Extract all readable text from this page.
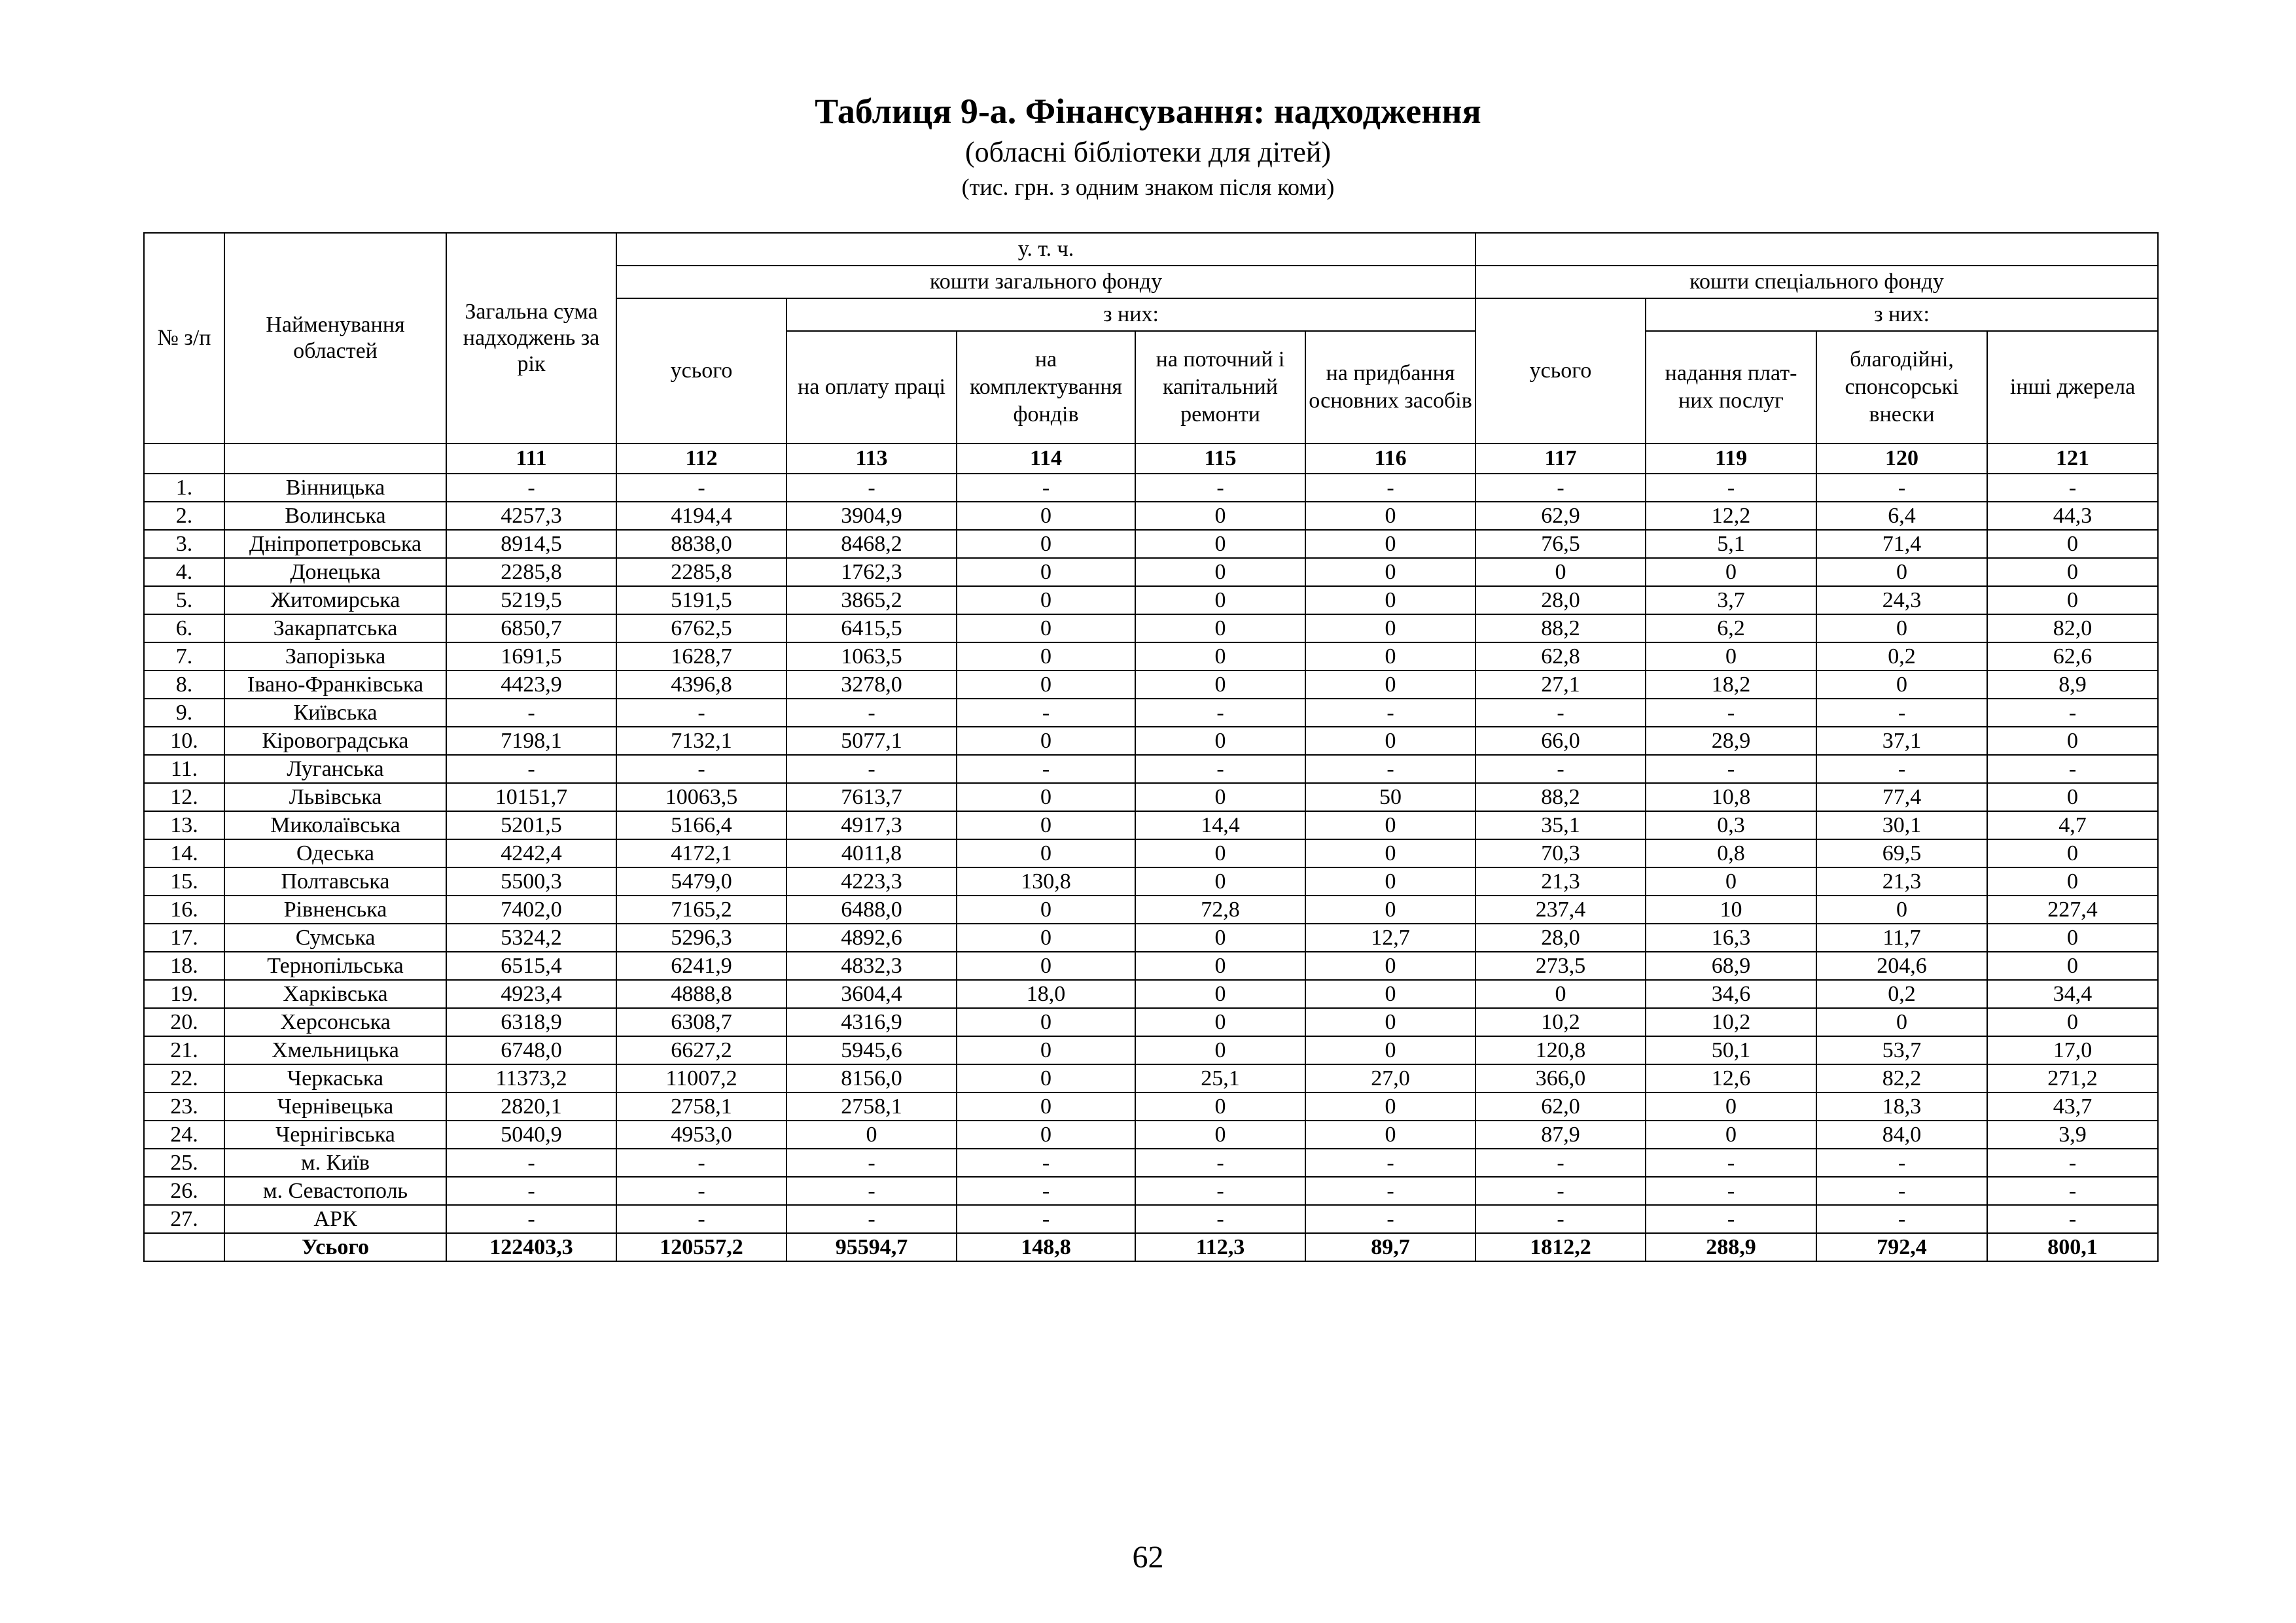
Таблиця 9-а. Фінансування: надходження
(обласні бібліотеки для дітей)
(тис. грн. з одним знаком після коми)
№ з/п	Найменування областей	Загальна сума надходжень за рік	у. т. ч.								
			кошти загального фонду					кошти спеціального фонду			
			усього	з них:				усього	з них:		
				на оплату праці	на комплектування фондів	на поточний і капітальний ремонти	на придбання основних засобів		надання плат-них послуг	благодійні, спонсорські внески	інші джерела
		111	112	113	114	115	116	117	119	120	121
1.	Вінницька	-	-	-	-	-	-	-	-	-	-
2.	Волинська	4257,3	4194,4	3904,9	0	0	0	62,9	12,2	6,4	44,3
3.	Дніпропетровська	8914,5	8838,0	8468,2	0	0	0	76,5	5,1	71,4	0
4.	Донецька	2285,8	2285,8	1762,3	0	0	0	0	0	0	0
5.	Житомирська	5219,5	5191,5	3865,2	0	0	0	28,0	3,7	24,3	0
6.	Закарпатська	6850,7	6762,5	6415,5	0	0	0	88,2	6,2	0	82,0
7.	Запорізька	1691,5	1628,7	1063,5	0	0	0	62,8	0	0,2	62,6
8.	Івано-Франківська	4423,9	4396,8	3278,0	0	0	0	27,1	18,2	0	8,9
9.	Київська	-	-	-	-	-	-	-	-	-	-
10.	Кіровоградська	7198,1	7132,1	5077,1	0	0	0	66,0	28,9	37,1	0
11.	Луганська	-	-	-	-	-	-	-	-	-	-
12.	Львівська	10151,7	10063,5	7613,7	0	0	50	88,2	10,8	77,4	0
13.	Миколаївська	5201,5	5166,4	4917,3	0	14,4	0	35,1	0,3	30,1	4,7
14.	Одеська	4242,4	4172,1	4011,8	0	0	0	70,3	0,8	69,5	0
15.	Полтавська	5500,3	5479,0	4223,3	130,8	0	0	21,3	0	21,3	0
16.	Рівненська	7402,0	7165,2	6488,0	0	72,8	0	237,4	10	0	227,4
17.	Сумська	5324,2	5296,3	4892,6	0	0	12,7	28,0	16,3	11,7	0
18.	Тернопільська	6515,4	6241,9	4832,3	0	0	0	273,5	68,9	204,6	0
19.	Харківська	4923,4	4888,8	3604,4	18,0	0	0	0	34,6	0,2	34,4
20.	Херсонська	6318,9	6308,7	4316,9	0	0	0	10,2	10,2	0	0
21.	Хмельницька	6748,0	6627,2	5945,6	0	0	0	120,8	50,1	53,7	17,0
22.	Черкаська	11373,2	11007,2	8156,0	0	25,1	27,0	366,0	12,6	82,2	271,2
23.	Чернівецька	2820,1	2758,1	2758,1	0	0	0	62,0	0	18,3	43,7
24.	Чернігівська	5040,9	4953,0	0	0	0	0	87,9	0	84,0	3,9
25.	м. Київ	-	-	-	-	-	-	-	-	-	-
26.	м. Севастополь	-	-	-	-	-	-	-	-	-	-
27.	АРК	-	-	-	-	-	-	-	-	-	-
	Усього	122403,3	120557,2	95594,7	148,8	112,3	89,7	1812,2	288,9	792,4	800,1
62
